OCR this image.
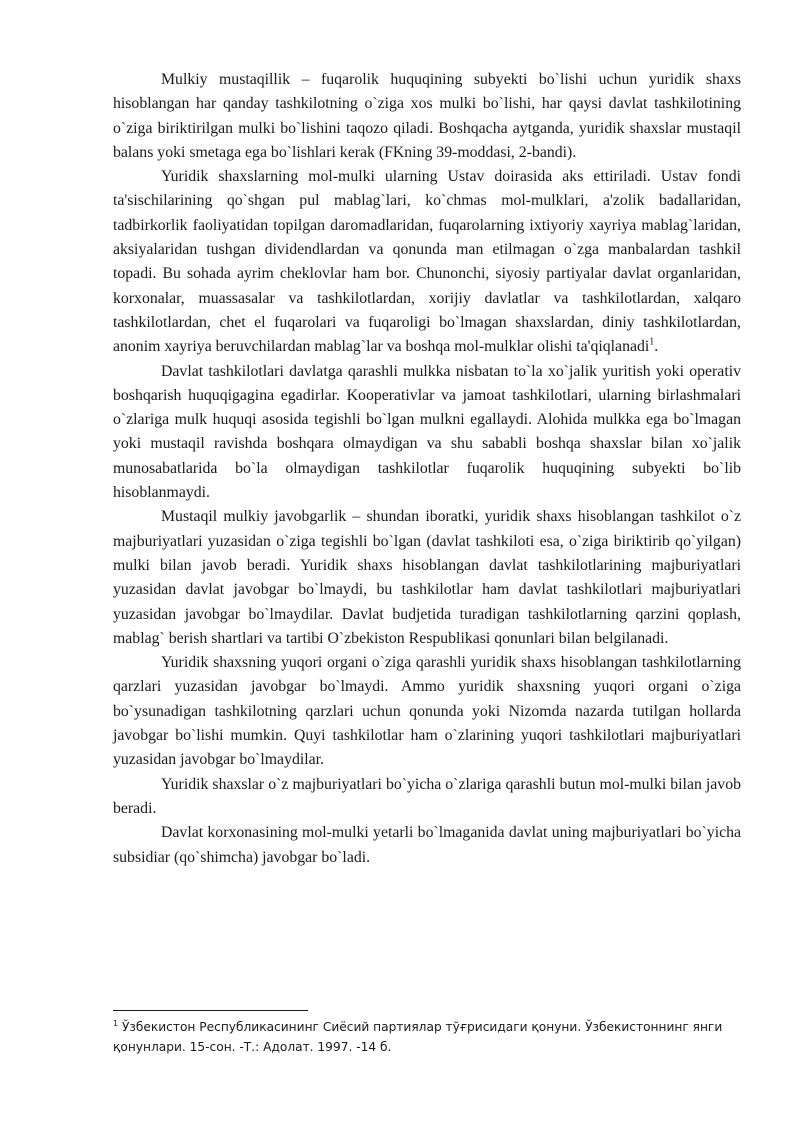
Mulkiy mustaqillik – fuqarolik huquqining subyekti bo`lishi uchun yuridik shaxs hisoblangan har qanday tashkilotning o`ziga xos mulki bo`lishi, har qaysi davlat tashkilotining o`ziga biriktirilgan mulki bo`lishini taqozo qiladi. Boshqacha aytganda, yuridik shaxslar mustaqil balans yoki smetaga ega bo`lishlari kerak (FKning 39-moddasi, 2-bandi).

Yuridik shaxslarning mol-mulki ularning Ustav doirasida aks ettiriladi. Ustav fondi ta'sischilarining qo`shgan pul mablag`lari, ko`chmas mol-mulklari, a'zolik badallaridan, tadbirkorlik faoliyatidan topilgan daromadlaridan, fuqarolarning ixtiyoriy xayriya mablag`laridan, aksiyalaridan tushgan dividendlardan va qonunda man etilmagan o`zga manbalardan tashkil topadi. Bu sohada ayrim cheklovlar ham bor. Chunonchi, siyosiy partiyalar davlat organlaridan, korxonalar, muassasalar va tashkilotlardan, xorijiy davlatlar va tashkilotlardan, xalqaro tashkilotlardan, chet el fuqarolari va fuqaroligi bo`lmagan shaxslardan, diniy tashkilotlardan, anonim xayriya beruvchilardan mablag`lar va boshqa mol-mulklar olishi ta'qiqlanadi$^1$.

Davlat tashkilotlari davlatga qarashli mulkka nisbatan to`la xo`jalik yuritish yoki operativ boshqarish huquqigagina egadirlar. Kooperativlar va jamoat tashkilotlari, ularning birlashmalari o`zlariga mulk huquqi asosida tegishli bo`lgan mulkni egallaydi. Alohida mulkka ega bo`lmagan yoki mustaqil ravishda boshqara olmaydigan va shu sababli boshqa shaxslar bilan xo`jalik munosabatlarida bo`la olmaydigan tashkilotlar fuqarolik huquqining subyekti bo`lib hisoblanmaydi.

Mustaqil mulkiy javobgarlik – shundan iboratki, yuridik shaxs hisoblangan tashkilot o`z majburiyatlari yuzasidan o`ziga tegishli bo`lgan (davlat tashkiloti esa, o`ziga biriktirib qo`yilgan) mulki bilan javob beradi. Yuridik shaxs hisoblangan davlat tashkilotlarining majburiyatlari yuzasidan davlat javobgar bo`lmaydi, bu tashkilotlar ham davlat tashkilotlari majburiyatlari yuzasidan javobgar bo`lmaydilar. Davlat budjetida turadigan tashkilotlarning qarzini qoplash, mablag` berish shartlari va tartibi O`zbekiston Respublikasi qonunlari bilan belgilanadi.

Yuridik shaxsning yuqori organi o`ziga qarashli yuridik shaxs hisoblangan tashkilotlarning qarzlari yuzasidan javobgar bo`lmaydi. Ammo yuridik shaxsning yuqori organi o`ziga bo`ysunadigan tashkilotning qarzlari uchun qonunda yoki Nizomda nazarda tutilgan hollarda javobgar bo`lishi mumkin. Quyi tashkilotlar ham o`zlarining yuqori tashkilotlari majburiyatlari yuzasidan javobgar bo`lmaydilar.

Yuridik shaxslar o`z majburiyatlari bo`yicha o`zlariga qarashli butun mol-mulki bilan javob beradi.

Davlat korxonasining mol-mulki yetarli bo`lmaganida davlat uning majburiyatlari bo`yicha subsidiar (qo`shimcha) javobgar bo`ladi.

$^1$ Ўзбекистон Республикасининг Сиёсий партиялар тўғрисидаги қонуни. Ўзбекистоннинг янги қонунлари. 15-сон. -Т.: Адолат. 1997. -14 б.
